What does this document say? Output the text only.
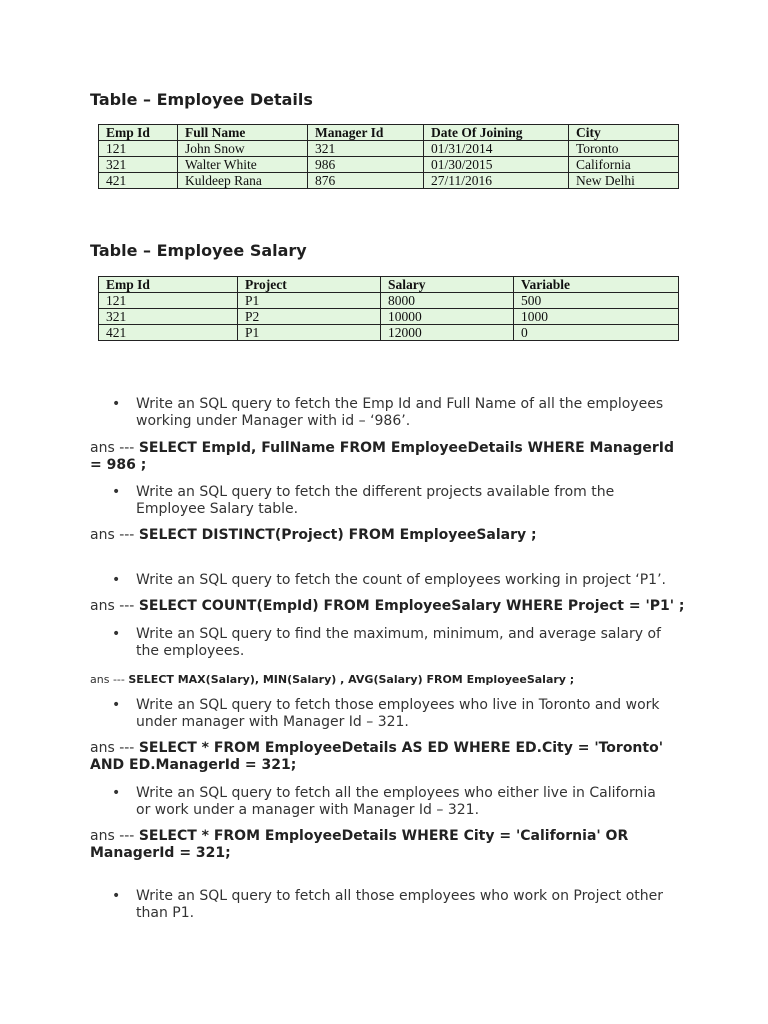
Table – Employee Details
Emp Id	Full Name	Manager Id	Date Of Joining	City
121	John Snow	321	01/31/2014	Toronto
321	Walter White	986	01/30/2015	California
421	Kuldeep Rana	876	27/11/2016	New Delhi
Table – Employee Salary
Emp Id	Project	Salary	Variable
121	P1	8000	500
321	P2	10000	1000
421	P1	12000	0
• Write an SQL query to fetch the Emp Id and Full Name of all the employees working under Manager with id – ‘986’.
ans --- SELECT EmpId, FullName FROM EmployeeDetails WHERE ManagerId = 986 ;
• Write an SQL query to fetch the different projects available from the Employee Salary table.
ans --- SELECT DISTINCT(Project) FROM EmployeeSalary ;
• Write an SQL query to fetch the count of employees working in project ‘P1’.
ans --- SELECT COUNT(EmpId) FROM EmployeeSalary WHERE Project = 'P1' ;
• Write an SQL query to find the maximum, minimum, and average salary of the employees.
ans --- SELECT MAX(Salary), MIN(Salary) , AVG(Salary) FROM EmployeeSalary ;
• Write an SQL query to fetch those employees who live in Toronto and work under manager with Manager Id – 321.
ans --- SELECT * FROM EmployeeDetails AS ED WHERE ED.City = 'Toronto' AND ED.ManagerId = 321;
• Write an SQL query to fetch all the employees who either live in California or work under a manager with Manager Id – 321.
ans --- SELECT * FROM EmployeeDetails WHERE City = 'California' OR ManagerId = 321;
• Write an SQL query to fetch all those employees who work on Project other than P1.
